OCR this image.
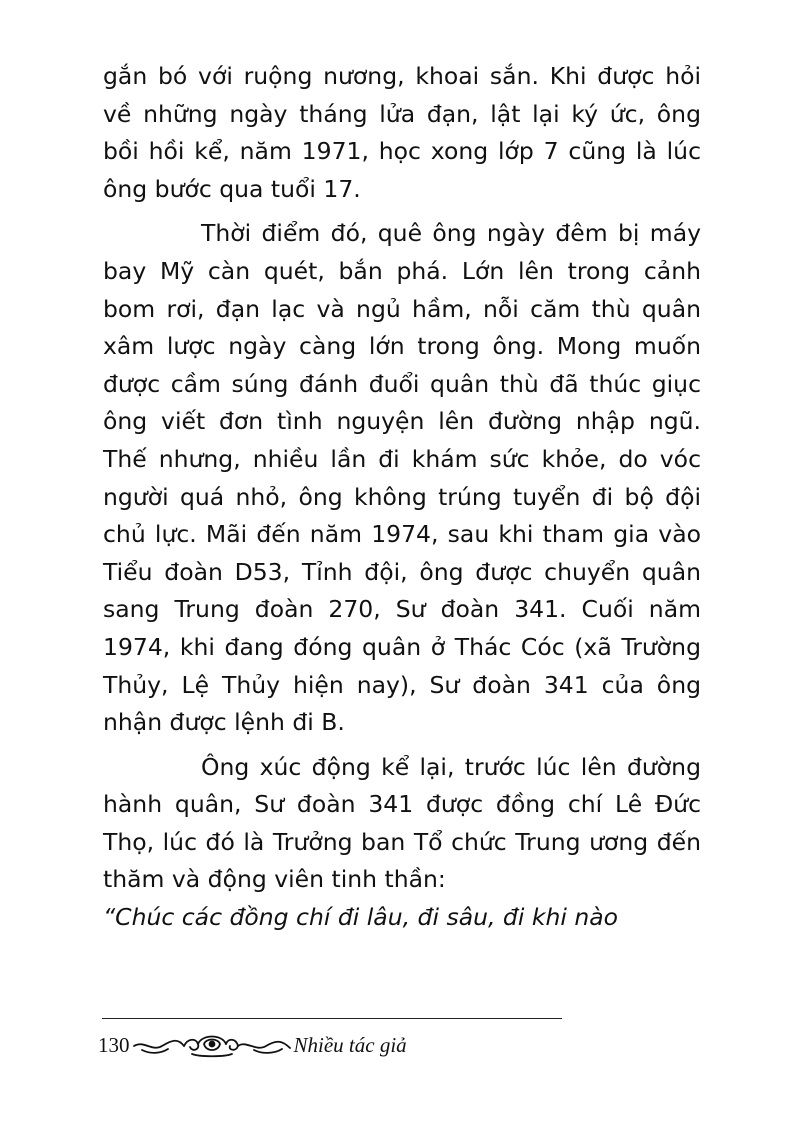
gắn bó với ruộng nương, khoai sắn. Khi được hỏi về những ngày tháng lửa đạn, lật lại ký ức, ông bồi hồi kể, năm 1971, học xong lớp 7 cũng là lúc ông bước qua tuổi 17.

Thời điểm đó, quê ông ngày đêm bị máy bay Mỹ càn quét, bắn phá. Lớn lên trong cảnh bom rơi, đạn lạc và ngủ hầm, nỗi căm thù quân xâm lược ngày càng lớn trong ông. Mong muốn được cầm súng đánh đuổi quân thù đã thúc giục ông viết đơn tình nguyện lên đường nhập ngũ. Thế nhưng, nhiều lần đi khám sức khỏe, do vóc người quá nhỏ, ông không trúng tuyển đi bộ đội chủ lực. Mãi đến năm 1974, sau khi tham gia vào Tiểu đoàn D53, Tỉnh đội, ông được chuyển quân sang Trung đoàn 270, Sư đoàn 341. Cuối năm 1974, khi đang đóng quân ở Thác Cóc (xã Trường Thủy, Lệ Thủy hiện nay), Sư đoàn 341 của ông nhận được lệnh đi B.

Ông xúc động kể lại, trước lúc lên đường hành quân, Sư đoàn 341 được đồng chí Lê Đức Thọ, lúc đó là Trưởng ban Tổ chức Trung ương đến thăm và động viên tinh thần:

“Chúc các đồng chí đi lâu, đi sâu, đi khi nào

130	Nhiều tác giả
